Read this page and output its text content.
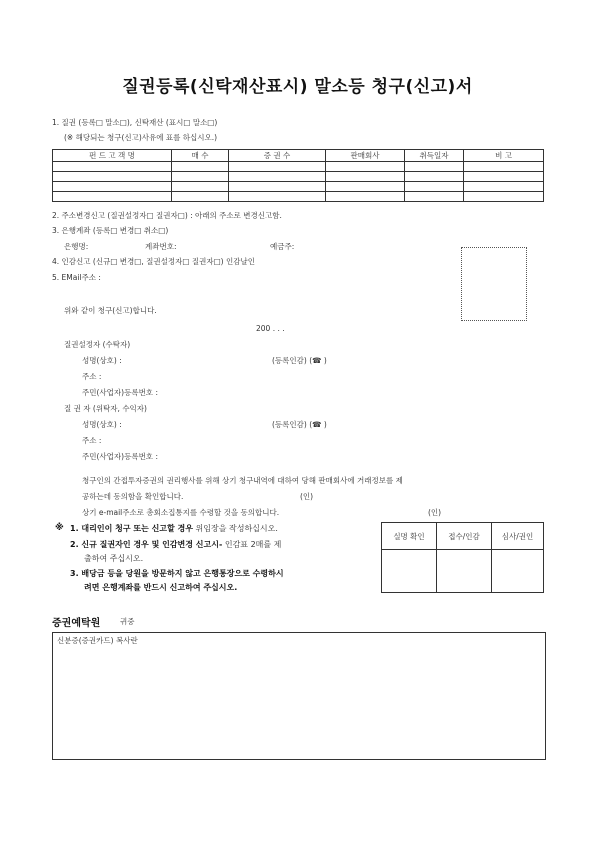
질권등록(신탁재산표시) 말소등 청구(신고)서
1. 질권 (등록□ 말소□), 신탁재산 (표시□ 말소□)
(※ 해당되는 청구(신고)사유에 표를 하십시오.)
펀 드 고 객 명	매 수	증 권 수	판매회사	취득일자	비 고

2. 주소변경신고 (질권설정자□ 질권자□) : 아래의 주소로 변경신고함.
3. 은행계좌 (등록□ 변경□ 취소□)
은행명:	계좌번호:	예금주:
4. 인감신고 (신규□ 변경□, 질권설정자□ 질권자□) 인감날인
5. EMail주소 :
위와 같이 청구(신고)합니다.
200 . . .
질권설정자 (수탁자)
성명(상호) :	(등록인감) (☎ )
주소 :
주민(사업자)등록번호 :
질 권 자 (위탁자, 수익자)
성명(상호) :	(등록인감) (☎ )
주소 :
주민(사업자)등록번호 :
청구인의 간접투자증권의 권리행사를 위해 상기 청구내역에 대하여 당해 판매회사에 거래정보를 제
공하는데 동의함을 확인합니다.	(인)
상기 e-mail주소로 총회소집통지를 수령할 것을 동의합니다.	(인)
※ 1. 대리인이 청구 또는 신고할 경우 위임장을 작성하십시오.
2. 신규 질권자인 경우 및 인감변경 신고시- 인감표 2매를 제
출하여 주십시오.
3. 배당금 등을 당원을 방문하지 않고 은행통장으로 수령하시
려면 은행계좌를 반드시 신고하여 주십시오.
실명 확인	접수/인감	심사/권인

증권예탁원	귀중
신분증(증권카드) 복사란
